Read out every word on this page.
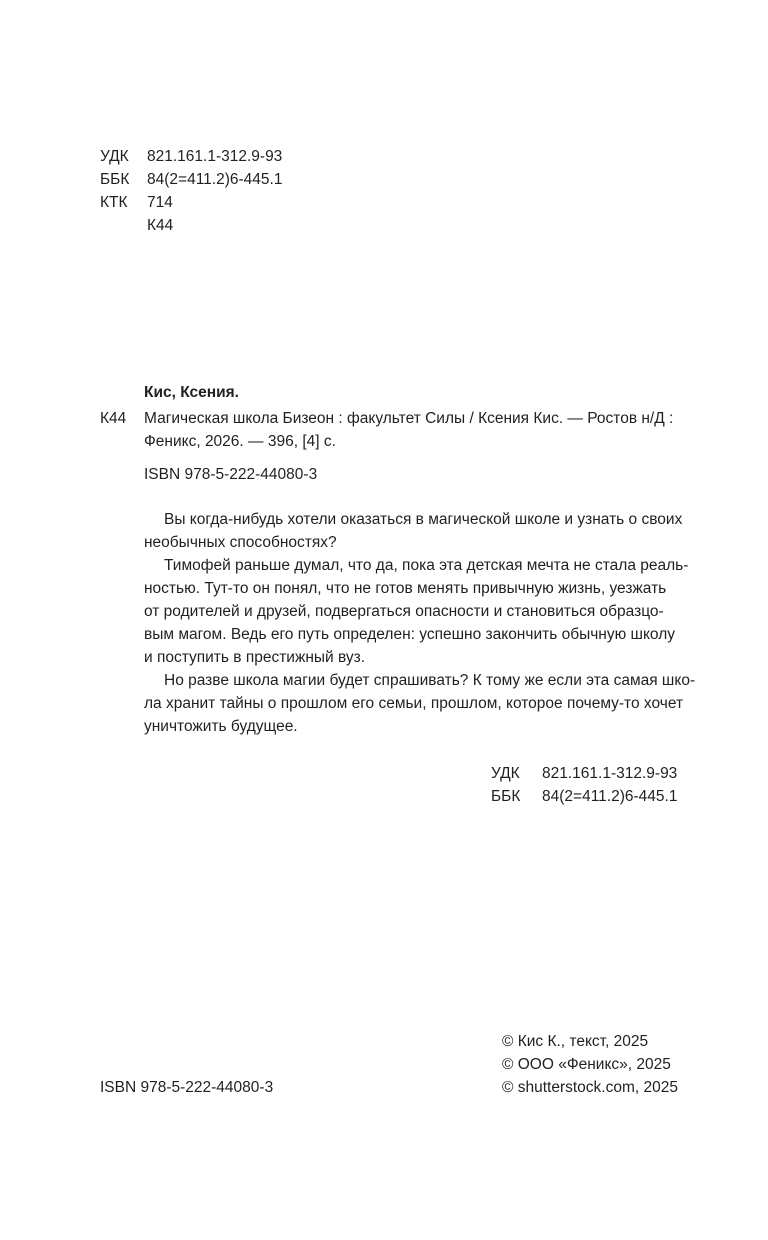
УДК	821.161.1-312.9-93
ББК	84(2=411.2)6-445.1
КТК	714
К44
Кис, Ксения.
К44 Магическая школа Бизеон : факультет Силы / Ксения Кис. — Ростов н/Д :
Феникс, 2026. — 396, [4] с.
ISBN 978-5-222-44080-3
Вы когда-нибудь хотели оказаться в магической школе и узнать о своих
необычных способностях?
Тимофей раньше думал, что да, пока эта детская мечта не стала реаль-
ностью. Тут-то он понял, что не готов менять привычную жизнь, уезжать
от родителей и друзей, подвергаться опасности и становиться образцо-
вым магом. Ведь его путь определен: успешно закончить обычную школу
и поступить в престижный вуз.
Но разве школа магии будет спрашивать? К тому же если эта самая шко-
ла хранит тайны о прошлом его семьи, прошлом, которое почему-то хочет
уничтожить будущее.
УДК	821.161.1-312.9-93
ББК	84(2=411.2)6-445.1
© Кис К., текст, 2025
© ООО «Феникс», 2025
© shutterstock.com, 2025
ISBN 978-5-222-44080-3
